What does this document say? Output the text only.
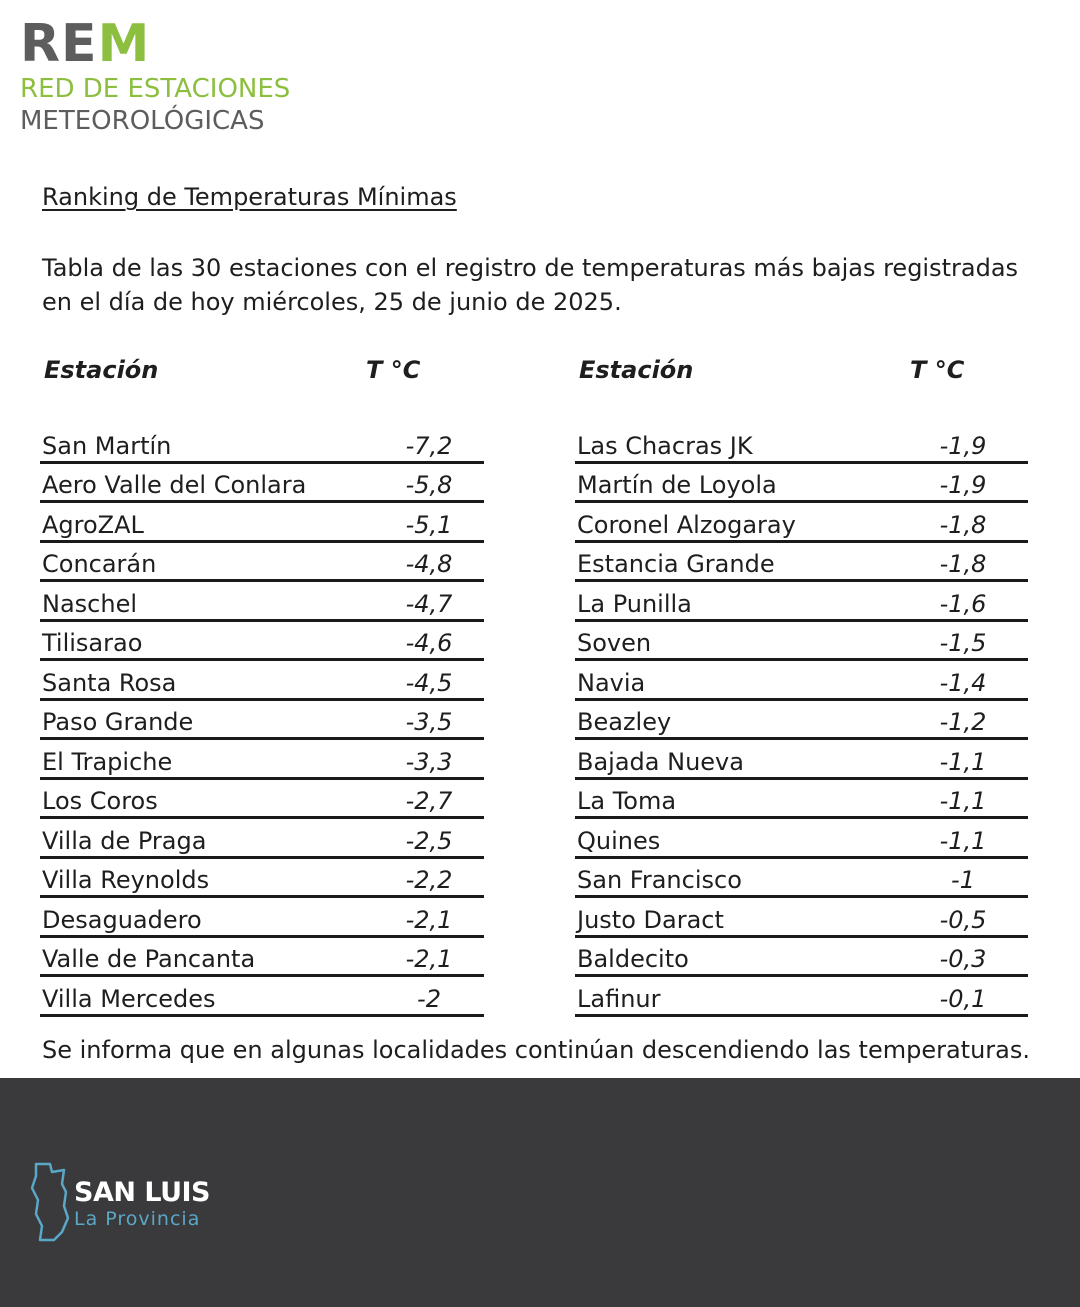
REM
RED DE ESTACIONES
METEOROLÓGICAS
Ranking de Temperaturas Mínimas
Tabla de las 30 estaciones con el registro de temperaturas más bajas registradas en el día de hoy miércoles, 25 de junio de 2025.
Estación	T °C
San Martín	-7,2
Aero Valle del Conlara	-5,8
AgroZAL	-5,1
Concarán	-4,8
Naschel	-4,7
Tilisarao	-4,6
Santa Rosa	-4,5
Paso Grande	-3,5
El Trapiche	-3,3
Los Coros	-2,7
Villa de Praga	-2,5
Villa Reynolds	-2,2
Desaguadero	-2,1
Valle de Pancanta	-2,1
Villa Mercedes	-2
Estación	T °C
Las Chacras JK	-1,9
Martín de Loyola	-1,9
Coronel Alzogaray	-1,8
Estancia Grande	-1,8
La Punilla	-1,6
Soven	-1,5
Navia	-1,4
Beazley	-1,2
Bajada Nueva	-1,1
La Toma	-1,1
Quines	-1,1
San Francisco	-1
Justo Daract	-0,5
Baldecito	-0,3
Lafinur	-0,1
Se informa que en algunas localidades continúan descendiendo las temperaturas.
SAN LUIS
La Provincia
